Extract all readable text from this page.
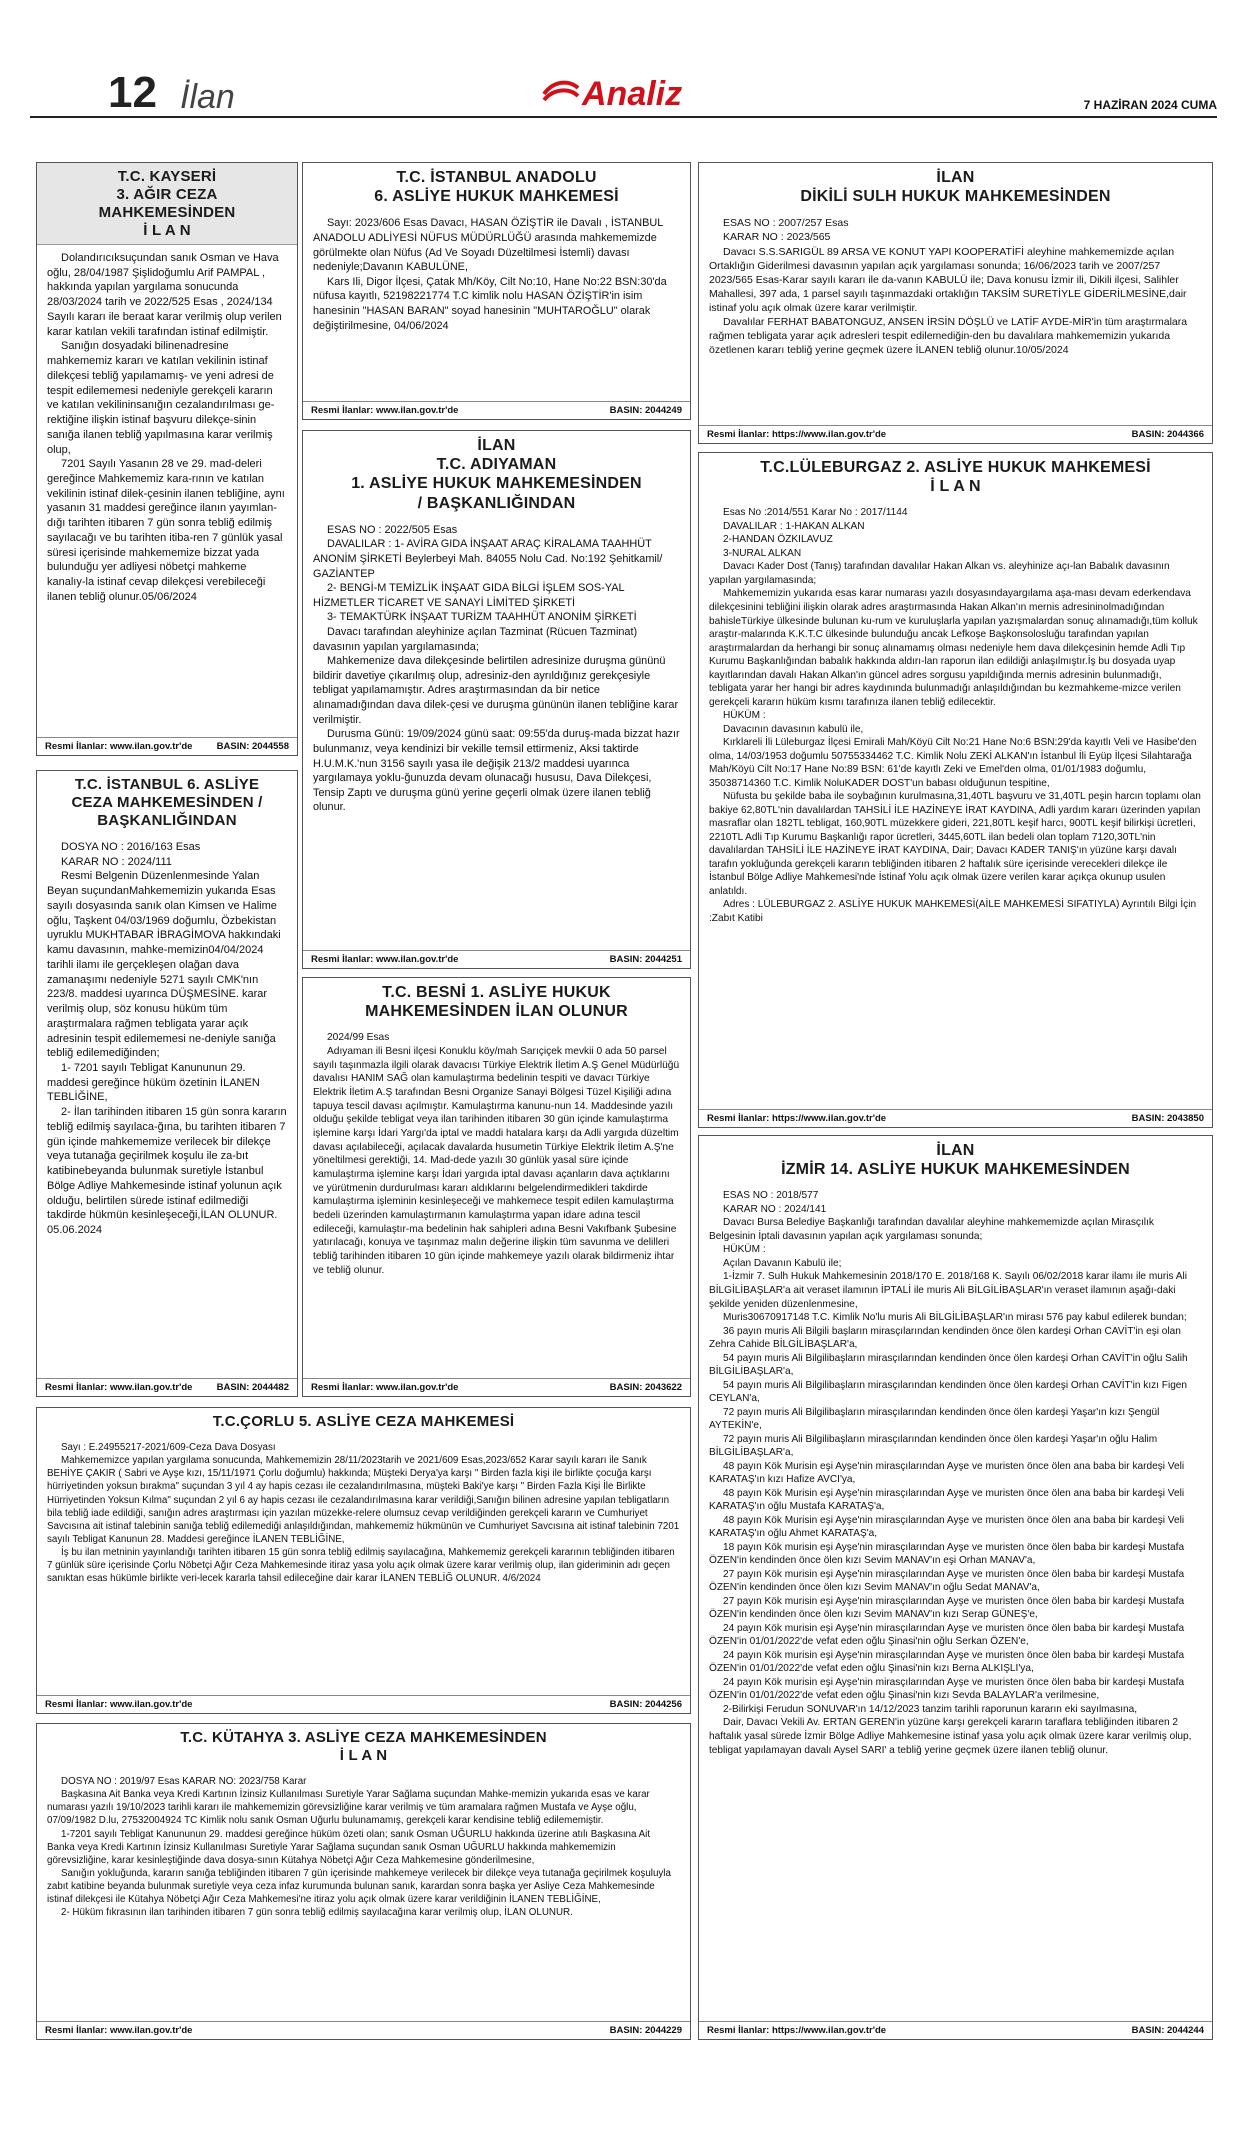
12 İlan	Analiz	7 HAZİRAN 2024 CUMA
T.C. KAYSERİ
3. AĞIR CEZA
MAHKEMESİNDEN
İ L A N

Dolandırıcıksuçundan sanık Osman ve Hava oğlu, 28/04/1987 Şişlidoğumlu Arif PAMPAL , hakkında yapılan yargılama sonucunda 28/03/2024 tarih ve 2022/525 Esas , 2024/134 Sayılı kararı ile beraat karar verilmiş olup verilen karar katılan vekili tarafından istinaf edilmiştir.

Sanığın dosyadaki bilinenadresine mahkememiz kararı ve katılan vekilinin istinaf dilekçesi tebliğ yapılamamış- ve yeni adresi de tespit edilememesi nedeniyle gerekçeli kararın ve katılan vekilininsanığın cezalandırılması ge-rektiğine ilişkin istinaf başvuru dilekçe-sinin sanığa ilanen tebliğ yapılmasına karar verilmiş olup,

7201 Sayılı Yasanın 28 ve 29. mad-deleri gereğince Mahkememiz kara-rının ve katılan vekilinin istinaf dilek-çesinin ilanen tebliğine, aynı yasanın 31 maddesi gereğince ilanın yayımlan-dığı tarihten itibaren 7 gün sonra tebliğ edilmiş sayılacağı ve bu tarihten itiba-ren 7 günlük yasal süresi içerisinde mahkememize bizzat yada bulunduğu yer adliyesi nöbetçi mahkeme kanalıy-la istinaf cevap dilekçesi verebileceği ilanen tebliğ olunur.05/06/2024

Resmi İlanlar: www.ilan.gov.tr'de	BASIN: 2044558
T.C. İSTANBUL 6. ASLİYE
CEZA MAHKEMESİNDEN /
BAŞKANLIĞINDAN

DOSYA NO : 2016/163 Esas

KARAR NO : 2024/111

Resmi Belgenin Düzenlenmesinde Yalan Beyan suçundanMahkememizin yukarıda Esas sayılı dosyasında sanık olan Kimsen ve Halime oğlu, Taşkent 04/03/1969 doğumlu, Özbekistan uyruklu MUKHTABAR İBRAGİMOVA hakkındaki kamu davasının, mahke-memizin04/04/2024 tarihli ilamı ile gerçekleşen olağan dava zamanaşımı nedeniyle 5271 sayılı CMK'nın 223/8. maddesi uyarınca DÜŞMESİNE. karar verilmiş olup, söz konusu hüküm tüm araştırmalara rağmen tebligata yarar açık adresinin tespit edilememesi ne-deniyle sanığa tebliğ edilemediğinden;

1- 7201 sayılı Tebligat Kanununun 29. maddesi gereğince hüküm özetinin İLANEN TEBLİĞİNE,

2- İlan tarihinden itibaren 15 gün sonra kararın tebliğ edilmiş sayılaca-ğına, bu tarihten itibaren 7 gün içinde mahkememize verilecek bir dilekçe veya tutanağa geçirilmek koşulu ile za-bıt katibinebeyanda bulunmak suretiyle İstanbul Bölge Adliye Mahkemesinde istinaf yolunun açık olduğu, belirtilen sürede istinaf edilmediği takdirde hükmün kesinleşeceği,İLAN OLUNUR. 05.06.2024

Resmi İlanlar: www.ilan.gov.tr'de	BASIN: 2044482
T.C. İSTANBUL ANADOLU
6. ASLİYE HUKUK MAHKEMESİ

Sayı: 2023/606 Esas Davacı, HASAN ÖZİŞTİR ile Davalı , İSTANBUL ANADOLU ADLİYESİ NÜFUS MÜDÜRLÜĞÜ arasında mahkememizde görülmekte olan Nüfus (Ad Ve Soyadı Düzeltilmesi İstemli) davası nedeniyle;Davanın KABULÜNE,

Kars Ili, Digor İlçesi, Çatak Mh/Köy, Cilt No:10, Hane No:22 BSN:30'da nüfusa kayıtlı, 52198221774 T.C kimlik nolu HASAN ÖZİŞTİR'in isim hanesinin "HASAN BARAN" soyad hanesinin "MUHTAROĞLU" olarak değiştirilmesine, 04/06/2024

Resmi İlanlar: www.ilan.gov.tr'de	BASIN: 2044249
İLAN
T.C. ADIYAMAN
1. ASLİYE HUKUK MAHKEMESİNDEN
/ BAŞKANLIĞINDAN

ESAS NO : 2022/505 Esas

DAVALILAR : 1- AVİRA GIDA İNŞAAT ARAÇ KİRALAMA TAAHHÜT ANONİM ŞİRKETİ Beylerbeyi Mah. 84055 Nolu Cad. No:192 Şehitkamil/ GAZİANTEP

2- BENGİ-M TEMİZLİK İNŞAAT GIDA BİLGİ İŞLEM SOS-YAL HİZMETLER TİCARET VE SANAYİ LİMİTED ŞİRKETİ

3- TEMAKTÜRK İNŞAAT TURİZM TAAHHÜT ANONİM ŞİRKETİ

Davacı tarafından aleyhinize açılan Tazminat (Rücuen Tazminat) davasının yapılan yargılamasında;

Mahkemenize dava dilekçesinde belirtilen adresinize duruşma gününü bildirir davetiye çıkarılmış olup, adresiniz-den ayrıldığınız gerekçesiyle tebligat yapılamamıştır. Adres araştırmasından da bir netice alınamadığından dava dilek-çesi ve duruşma gününün ilanen tebliğine karar verilmiştir.

Durusma Günü: 19/09/2024 günü saat: 09:55'da duruş-mada bizzat hazır bulunmanız, veya kendinizi bir vekille temsil ettirmeniz, Aksi taktirde H.U.M.K.'nun 3156 sayılı yasa ile değişik 213/2 maddesi uyarınca yargılamaya yoklu-ğunuzda devam olunacağı hususu, Dava Dilekçesi, Tensip Zaptı ve duruşma günü yerine geçerli olmak üzere ilanen tebliğ olunur.

Resmi İlanlar: www.ilan.gov.tr'de	BASIN: 2044251
T.C. BESNİ 1. ASLİYE HUKUK
MAHKEMESİNDEN İLAN OLUNUR

2024/99 Esas

Adıyaman ili Besni ilçesi Konuklu köy/mah Sarıçiçek mevkii 0 ada 50 parsel sayılı taşınmazla ilgili olarak davacısı Türkiye Elektrik İletim A.Ş Genel Müdürlüğü davalısı HANIM SAĞ olan kamulaştırma bedelinin tespiti ve davacı Türkiye Elektrik İletim A.Ş tarafından Besni Organize Sanayi Bölgesi Tüzel Kişiliği adına tapuya tescil davası açılmıştır. Kamulaştırma kanunu-nun 14. Maddesinde yazılı olduğu şekilde tebligat veya ilan tarihinden itibaren 30 gün içinde kamulaştırma işlemine karşı İdari Yargı'da iptal ve maddi hatalara karşı da Adli yargıda düzeltim davası açılabileceği, açılacak davalarda husumetin Türkiye Elektrik İletim A.Ş'ne yöneltilmesi gerektiği, 14. Mad-dede yazılı 30 günlük yasal süre içinde kamulaştırma işlemine karşı İdari yargıda iptal davası açanların dava açtıklarını ve yürütmenin durdurulması kararı aldıklarını belgelendirmedikleri takdirde kamulaştırma işleminin kesinleşeceği ve mahkemece tespit edilen kamulaştırma bedeli üzerinden kamulaştırmanın kamulaştırma yapan idare adına tescil edileceği, kamulaştır-ma bedelinin hak sahipleri adına Besni Vakıfbank Şubesine yatırılacağı, konuya ve taşınmaz malın değerine ilişkin tüm savunma ve delilleri tebliğ tarihinden itibaren 10 gün içinde mahkemeye yazılı olarak bildirmeniz ihtar ve tebliğ olunur.

Resmi İlanlar: www.ilan.gov.tr'de	BASIN: 2043622
İLAN
DİKİLİ SULH HUKUK MAHKEMESİNDEN

ESAS NO : 2007/257 Esas

KARAR NO : 2023/565

Davacı S.S.SARIGÜL 89 ARSA VE KONUT YAPI KOOPERATİFİ aleyhine mahkememizde açılan Ortaklığın Giderilmesi davasının yapılan açık yargılaması sonunda; 16/06/2023 tarih ve 2007/257 2023/565 Esas-Karar sayılı kararı ile da-vanın KABULÜ ile; Dava konusu İzmir ili, Dikili ilçesi, Salihler Mahallesi, 397 ada, 1 parsel sayılı taşınmazdaki ortaklığın TAKSİM SURETİYLE GİDERİLMESİNE,dair istinaf yolu açık olmak üzere karar verilmiştir.

Davalılar FERHAT BABATONGUZ, ANSEN İRSİN DÖŞLÜ ve LATİF AYDE-MİR'in tüm araştırmalara rağmen tebligata yarar açık adresleri tespit edilemediğin-den bu davalılara mahkememizin yukarıda özetlenen kararı tebliğ yerine geçmek üzere İLANEN tebliğ olunur.10/05/2024

Resmi İlanlar: https://www.ilan.gov.tr'de	BASIN: 2044366
T.C.LÜLEBURGAZ 2. ASLİYE HUKUK MAHKEMESİ
İ L A N

Esas No :2014/551 Karar No : 2017/1144

DAVALILAR : 1-HAKAN ALKAN

2-HANDAN ÖZKILAVUZ

3-NURAL ALKAN

Davacı Kader Dost (Tanış) tarafından davalılar Hakan Alkan vs. aleyhinize açı-lan Babalık davasının yapılan yargılamasında;

Mahkememizin yukarıda esas karar numarası yazılı dosyasındayargılama aşa-ması devam ederkendava dilekçesinini tebliğini ilişkin olarak adres araştırmasında Hakan Alkan'ın mernis adresininolmadığından bahisleTürkiye ülkesinde bulunan ku-rum ve kuruluşlarla yapılan yazışmalardan sonuç alınamadığı,tüm kolluk araştır-malarında K.K.T.C ülkesinde bulunduğu ancak Lefkoşe Başkonsolosluğu tarafından yapılan araştırmalardan da herhangi bir sonuç alınamamış olması nedeniyle hem dava dilekçesinin hemde Adli Tıp Kurumu Başkanlığından babalık hakkında aldırı-lan raporun ilan edildiği anlaşılmıştır.İş bu dosyada uyap kayıtlarından davalı Hakan Alkan'ın güncel adres sorgusu yapıldığında mernis adresinin bulunmadığı, tebligata yarar her hangi bir adres kaydınında bulunmadığı anlaşıldığından bu kezmahkeme-mizce verilen gerekçeli kararın hüküm kısmı tarafınıza ilanen tebliğ edilecektir.

HÜKÜM :

Davacının davasının kabulü ile,

Kırklareli İli Lüleburgaz İlçesi Emirali Mah/Köyü Cilt No:21 Hane No:6 BSN:29'da kayıtlı Veli ve Hasibe'den olma, 14/03/1953 doğumlu 50755334462 T.C. Kimlik Nolu ZEKİ ALKAN'ın İstanbul İli Eyüp İlçesi Silahtarağa Mah/Köyü Cilt No:17 Hane No:89 BSN: 61'de kayıtlı Zeki ve Emel'den olma, 01/01/1983 doğumlu, 35038714360 T.C. Kimlik NoluKADER DOST'un babası olduğunun tespitine,

Nüfusta bu şekilde baba ile soybağının kurulmasına,31,40TL başvuru ve 31,40TL peşin harcın toplamı olan bakiye 62,80TL'nin davalılardan TAHSİLİ İLE HAZİNEYE İRAT KAYDINA, Adli yardım kararı üzerinden yapılan masraflar olan 182TL tebligat, 160,90TL müzekkere gideri, 221,80TL keşif harcı, 900TL keşif bilirkişi ücretleri, 2210TL Adli Tıp Kurumu Başkanlığı rapor ücretleri, 3445,60TL ilan bedeli olan toplam 7120,30TL'nin davalılardan TAHSİLİ İLE HAZİNEYE İRAT KAYDINA, Dair; Davacı KADER TANIŞ'ın yüzüne karşı davalı tarafın yokluğunda gerekçeli kararın tebliğinden itibaren 2 haftalık süre içerisinde verecekleri dilekçe ile İstanbul Bölge Adliye Mahkemesi'nde İstinaf Yolu açık olmak üzere verilen karar açıkça okunup usulen anlatıldı.

Adres : LÜLEBURGAZ 2. ASLİYE HUKUK MAHKEMESİ(AİLE MAHKEMESİ SIFATIYLA) Ayrıntılı Bilgi İçin :Zabıt Katibi

Resmi İlanlar: https://www.ilan.gov.tr'de	BASIN: 2043850
İLAN
İZMİR 14. ASLİYE HUKUK MAHKEMESİNDEN

ESAS NO : 2018/577

KARAR NO : 2024/141

Davacı Bursa Belediye Başkanlığı tarafından davalılar aleyhine mahkememizde açılan Mirasçılık Belgesinin İptali davasının yapılan açık yargılaması sonunda;

HÜKÜM :

Açılan Davanın Kabulü ile;

1-İzmir 7. Sulh Hukuk Mahkemesinin 2018/170 E. 2018/168 K. Sayılı 06/02/2018 karar ilamı ile muris Ali BİLGİLİBAŞLAR'a ait veraset ilamının İPTALİ ile muris Ali BİLGİLİBAŞLAR'ın veraset ilamının aşağı-daki şekilde yeniden düzenlenmesine,

Muris30670917148 T.C. Kimlik No'lu muris Ali BİLGİLİBAŞLAR'ın mirası 576 pay kabul edilerek bundan;

36 payın muris Ali Bilgili başların mirasçılarından kendinden önce ölen kardeşi Orhan CAVİT'in eşi olan Zehra Cahide BİLGİLİBAŞLAR'a,

54 payın muris Ali Bilgilibaşların mirasçılarından kendinden önce ölen kardeşi Orhan CAVİT'in oğlu Salih BİLGİLİBAŞLAR'a,

54 payın muris Ali Bilgilibaşların mirasçılarından kendinden önce ölen kardeşi Orhan CAVİT'in kızı Figen CEYLAN'a,

72 payın muris Ali Bilgilibaşların mirasçılarından kendinden önce ölen kardeşi Yaşar'ın kızı Şengül AYTEKİN'e,

72 payın muris Ali Bilgilibaşların mirasçılarından kendinden önce ölen kardeşi Yaşar'ın oğlu Halim BİLGİLİBAŞLAR'a,

48 payın Kök Murisin eşi Ayşe'nin mirasçılarından Ayşe ve muristen önce ölen ana baba bir kardeşi Veli KARATAŞ'ın kızı Hafize AVCI'ya,

48 payın Kök Murisin eşi Ayşe'nin mirasçılarından Ayşe ve muristen önce ölen ana baba bir kardeşi Veli KARATAŞ'ın oğlu Mustafa KARATAŞ'a,

48 payın Kök Murisin eşi Ayşe'nin mirasçılarından Ayşe ve muristen önce ölen ana baba bir kardeşi Veli KARATAŞ'ın oğlu Ahmet KARATAŞ'a,

18 payın Kök murisin eşi Ayşe'nin mirasçılarından Ayşe ve muristen önce ölen baba bir kardeşi Mustafa ÖZEN'in kendinden önce ölen kızı Sevim MANAV'ın eşi Orhan MANAV'a,

27 payın Kök murisin eşi Ayşe'nin mirasçılarından Ayşe ve muristen önce ölen baba bir kardeşi Mustafa ÖZEN'in kendinden önce ölen kızı Sevim MANAV'ın oğlu Sedat MANAV'a,

27 payın Kök murisin eşi Ayşe'nin mirasçılarından Ayşe ve muristen önce ölen baba bir kardeşi Mustafa ÖZEN'in kendinden önce ölen kızı Sevim MANAV'ın kızı Serap GÜNEŞ'e,

24 payın Kök murisin eşi Ayşe'nin mirasçılarından Ayşe ve muristen önce ölen baba bir kardeşi Mustafa ÖZEN'in 01/01/2022'de vefat eden oğlu Şinasi'nin oğlu Serkan ÖZEN'e,

24 payın Kök murisin eşi Ayşe'nin mirasçılarından Ayşe ve muristen önce ölen baba bir kardeşi Mustafa ÖZEN'in 01/01/2022'de vefat eden oğlu Şinasi'nin kızı Berna ALKIŞLI'ya,

24 payın Kök murisin eşi Ayşe'nin mirasçılarından Ayşe ve muristen önce ölen baba bir kardeşi Mustafa ÖZEN'in 01/01/2022'de vefat eden oğlu Şinasi'nin kızı Sevda BALAYLAR'a verilmesine,

2-Bilirkişi Ferudun SONUVAR'ın 14/12/2023 tanzim tarihli raporunun kararın eki sayılmasına,

Dair, Davacı Vekili Av. ERTAN GEREN'in yüzüne karşı gerekçeli kararın taraflara tebliğinden itibaren 2 haftalık yasal sürede İzmir Bölge Adliye Mahkemesine istinaf yasa yolu açık olmak üzere karar verilmiş olup, tebligat yapılamayan davalı Aysel SARI' a tebliğ yerine geçmek üzere ilanen tebliğ olunur.

Resmi İlanlar: https://www.ilan.gov.tr'de	BASIN: 2044244
T.C.ÇORLU 5. ASLİYE CEZA MAHKEMESİ

Sayı : E.24955217-2021/609-Ceza Dava Dosyası

Mahkememizce yapılan yargılama sonucunda, Mahkememizin 28/11/2023tarih ve 2021/609 Esas,2023/652 Karar sayılı kararı ile Sanık BEHİYE ÇAKIR ( Sabri ve Ayşe kızı, 15/11/1971 Çorlu doğumlu) hakkında; Müşteki Derya'ya karşı " Birden fazla kişi ile birlikte çocuğa karşı hürriyetinden yoksun bırakma" suçundan 3 yıl 4 ay hapis cezası ile cezalandırılmasına, müşteki Baki'ye karşı " Birden Fazla Kişi İle Birlikte Hürriyetinden Yoksun Kılma" suçundan 2 yıl 6 ay hapis cezası ile cezalandırılmasına karar verildiği,Sanığın bilinen adresine yapılan tebligatların bila tebliğ iade edildiği, sanığın adres araştırması için yazılan müzekke-relere olumsuz cevap verildiğinden gerekçeli kararın ve Cumhuriyet Savcısına ait istinaf talebinin sanığa tebliğ edilemediği anlaşıldığından, mahkememiz hükmünün ve Cumhuriyet Savcısına ait istinaf talebinin 7201 sayılı Tebligat Kanunun 28. Maddesi gereğince İLANEN TEBLİĞİNE,

İş bu ilan metninin yayınlandığı tarihten itibaren 15 gün sonra tebliğ edilmiş sayılacağına, Mahkememiz gerekçeli kararının tebliğinden itibaren 7 günlük süre içerisinde Çorlu Nöbetçi Ağır Ceza Mahkemesinde itiraz yasa yolu açık olmak üzere karar verilmiş olup, ilan gideriminin adı geçen sanıktan esas hükümle birlikte veri-lecek kararla tahsil edileceğine dair karar İLANEN TEBLİĞ OLUNUR. 4/6/2024

Resmi İlanlar: www.ilan.gov.tr'de	BASIN: 2044256
T.C. KÜTAHYA 3. ASLİYE CEZA MAHKEMESİNDEN
İ L A N

DOSYA NO : 2019/97 Esas KARAR NO: 2023/758 Karar

Başkasına Ait Banka veya Kredi Kartının İzinsiz Kullanılması Suretiyle Yarar Sağlama suçundan Mahke-memizin yukarıda esas ve karar numarası yazılı 19/10/2023 tarihli kararı ile mahkememizin görevsizliğine karar verilmiş ve tüm aramalara rağmen Mustafa ve Ayşe oğlu, 07/09/1982 D.lu, 27532004924 TC Kimlik nolu sanık Osman Uğurlu bulunamamış, gerekçeli karar kendisine tebliğ edilememiştir.

1-7201 sayılı Tebligat Kanununun 29. maddesi gereğince hüküm özeti olan; sanık Osman UĞURLU hakkında üzerine atılı Başkasına Ait Banka veya Kredi Kartının İzinsiz Kullanılması Suretiyle Yarar Sağlama suçundan sanık Osman UĞURLU hakkında mahkememizin görevsizliğine, karar kesinleştiğinde dava dosya-sının Kütahya Nöbetçi Ağır Ceza Mahkemesine gönderilmesine,

Sanığın yokluğunda, kararın sanığa tebliğinden itibaren 7 gün içerisinde mahkemeye verilecek bir dilekçe veya tutanağa geçirilmek koşuluyla zabıt katibine beyanda bulunmak suretiyle veya ceza infaz kurumunda bulunan sanık, karardan sonra başka yer Asliye Ceza Mahkemesinde istinaf dilekçesi ile Kütahya Nöbetçi Ağır Ceza Mahkemesi'ne itiraz yolu açık olmak üzere karar verildiğinin İLANEN TEBLİĞİNE,

2- Hüküm fıkrasının ilan tarihinden itibaren 7 gün sonra tebliğ edilmiş sayılacağına karar verilmiş olup, İLAN OLUNUR.

Resmi İlanlar: www.ilan.gov.tr'de	BASIN: 2044229
